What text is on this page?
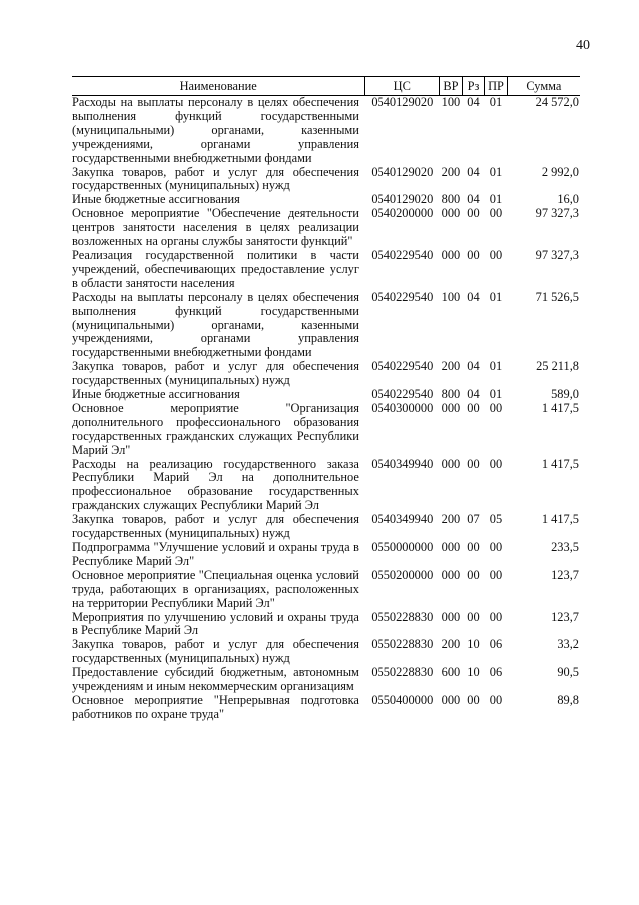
40
Наименование	ЦС	ВР	Рз	ПР	Сумма
Расходы на выплаты персоналу в целях обеспечения выполнения функций государственными (муниципальными) органами, казенными учреждениями, органами управления государственными внебюджетными фондами	0540129020	100	04	01	24 572,0
Закупка товаров, работ и услуг для обеспечения государственных (муниципальных) нужд	0540129020	200	04	01	2 992,0
Иные бюджетные ассигнования	0540129020	800	04	01	16,0
Основное мероприятие "Обеспечение деятельности центров занятости населения в целях реализации возложенных на органы службы занятости функций"	0540200000	000	00	00	97 327,3
Реализация государственной политики в части учреждений, обеспечивающих предоставление услуг в области занятости населения	0540229540	000	00	00	97 327,3
Расходы на выплаты персоналу в целях обеспечения выполнения функций государственными (муниципальными) органами, казенными учреждениями, органами управления государственными внебюджетными фондами	0540229540	100	04	01	71 526,5
Закупка товаров, работ и услуг для обеспечения государственных (муниципальных) нужд	0540229540	200	04	01	25 211,8
Иные бюджетные ассигнования	0540229540	800	04	01	589,0
Основное мероприятие "Организация дополнительного профессионального образования государственных гражданских служащих Республики Марий Эл"	0540300000	000	00	00	1 417,5
Расходы на реализацию государственного заказа Республики Марий Эл на дополнительное профессиональное образование государственных гражданских служащих Республики Марий Эл	0540349940	000	00	00	1 417,5
Закупка товаров, работ и услуг для обеспечения государственных (муниципальных) нужд	0540349940	200	07	05	1 417,5
Подпрограмма "Улучшение условий и охраны труда в Республике Марий Эл"	0550000000	000	00	00	233,5
Основное мероприятие "Специальная оценка условий труда, работающих в организациях, расположенных на территории Республики Марий Эл"	0550200000	000	00	00	123,7
Мероприятия по улучшению условий и охраны труда в Республике Марий Эл	0550228830	000	00	00	123,7
Закупка товаров, работ и услуг для обеспечения государственных (муниципальных) нужд	0550228830	200	10	06	33,2
Предоставление субсидий бюджетным, автономным учреждениям и иным некоммерческим организациям	0550228830	600	10	06	90,5
Основное мероприятие "Непрерывная подготовка работников по охране труда"	0550400000	000	00	00	89,8
